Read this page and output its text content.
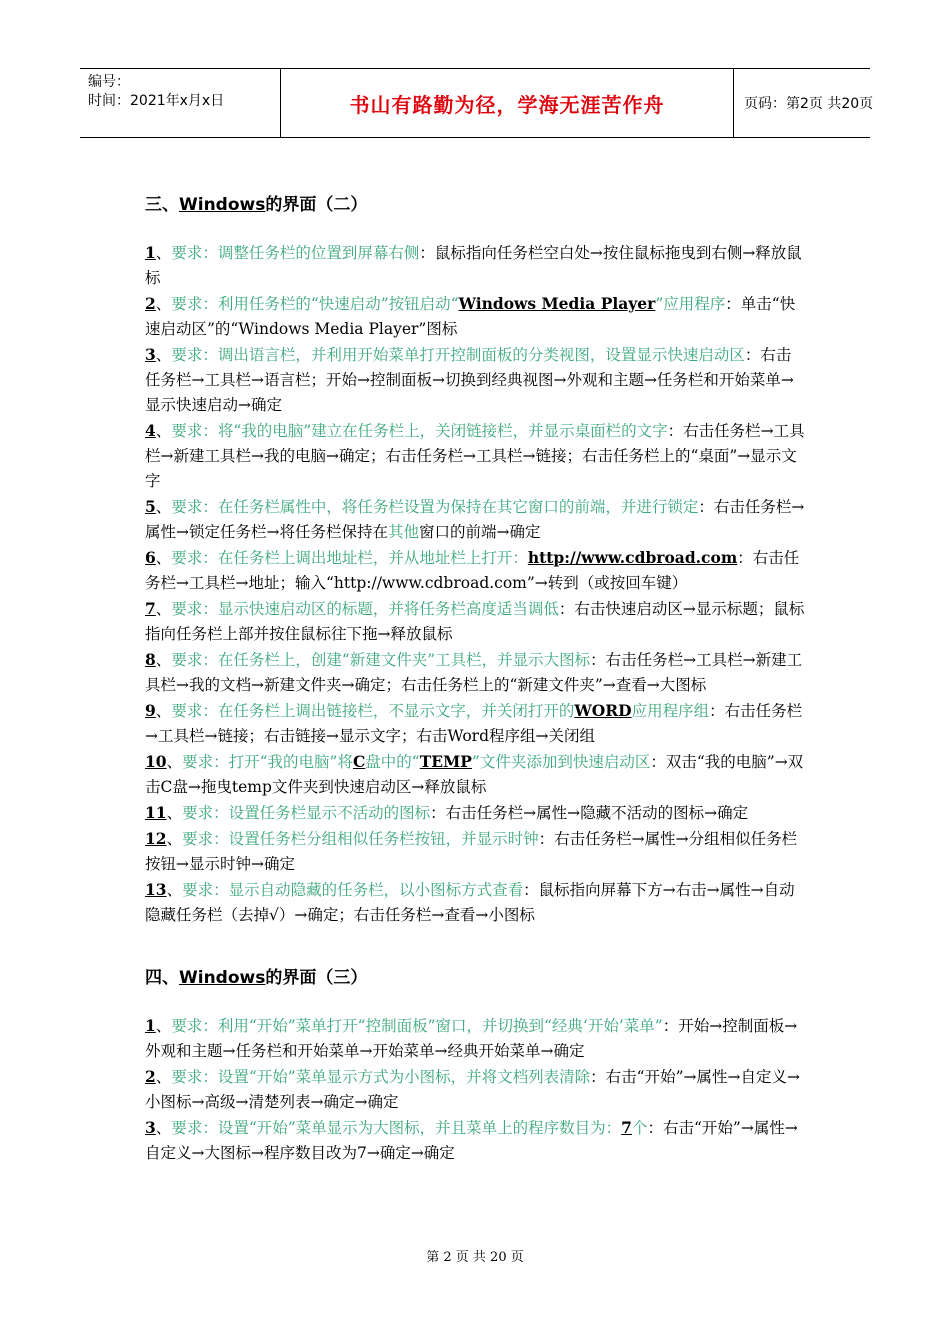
编号：
时间：2021年x月x日	书山有路勤为径，学海无涯苦作舟	页码：第2页 共20页
三、Windows的界面（二）

1、要求：调整任务栏的位置到屏幕右侧：鼠标指向任务栏空白处→按住鼠标拖曳到右侧→释放鼠标

2、要求：利用任务栏的“快速启动”按钮启动“Windows Media Player”应用程序：单击“快速启动区”的“Windows Media Player”图标

3、要求：调出语言栏，并利用开始菜单打开控制面板的分类视图，设置显示快速启动区：右击任务栏→工具栏→语言栏；开始→控制面板→切换到经典视图→外观和主题→任务栏和开始菜单→显示快速启动→确定

4、要求：将“我的电脑”建立在任务栏上，关闭链接栏，并显示桌面栏的文字：右击任务栏→工具栏→新建工具栏→我的电脑→确定；右击任务栏→工具栏→链接；右击任务栏上的“桌面”→显示文字

5、要求：在任务栏属性中，将任务栏设置为保持在其它窗口的前端，并进行锁定：右击任务栏→属性→锁定任务栏→将任务栏保持在其他窗口的前端→确定

6、要求：在任务栏上调出地址栏，并从地址栏上打开：http://www.cdbroad.com：右击任务栏→工具栏→地址；输入“http://www.cdbroad.com”→转到（或按回车键）

7、要求：显示快速启动区的标题，并将任务栏高度适当调低：右击快速启动区→显示标题；鼠标指向任务栏上部并按住鼠标往下拖→释放鼠标

8、要求：在任务栏上，创建“新建文件夹”工具栏，并显示大图标：右击任务栏→工具栏→新建工具栏→我的文档→新建文件夹→确定；右击任务栏上的“新建文件夹”→查看→大图标

9、要求：在任务栏上调出链接栏，不显示文字，并关闭打开的WORD应用程序组：右击任务栏→工具栏→链接；右击链接→显示文字；右击Word程序组→关闭组

10、要求：打开“我的电脑”将C盘中的“TEMP”文件夹添加到快速启动区：双击“我的电脑”→双击C盘→拖曳temp文件夹到快速启动区→释放鼠标

11、要求：设置任务栏显示不活动的图标：右击任务栏→属性→隐藏不活动的图标→确定

12、要求：设置任务栏分组相似任务栏按钮，并显示时钟：右击任务栏→属性→分组相似任务栏按钮→显示时钟→确定

13、要求：显示自动隐藏的任务栏，以小图标方式查看：鼠标指向屏幕下方→右击→属性→自动隐藏任务栏（去掉√）→确定；右击任务栏→查看→小图标

四、Windows的界面（三）

1、要求：利用“开始”菜单打开“控制面板”窗口，并切换到“经典‘开始’菜单”：开始→控制面板→外观和主题→任务栏和开始菜单→开始菜单→经典开始菜单→确定

2、要求：设置“开始”菜单显示方式为小图标，并将文档列表清除：右击“开始”→属性→自定义→小图标→高级→清楚列表→确定→确定

3、要求：设置“开始”菜单显示为大图标，并且菜单上的程序数目为：7个：右击“开始”→属性→自定义→大图标→程序数目改为7→确定→确定

第 2 页 共 20 页
